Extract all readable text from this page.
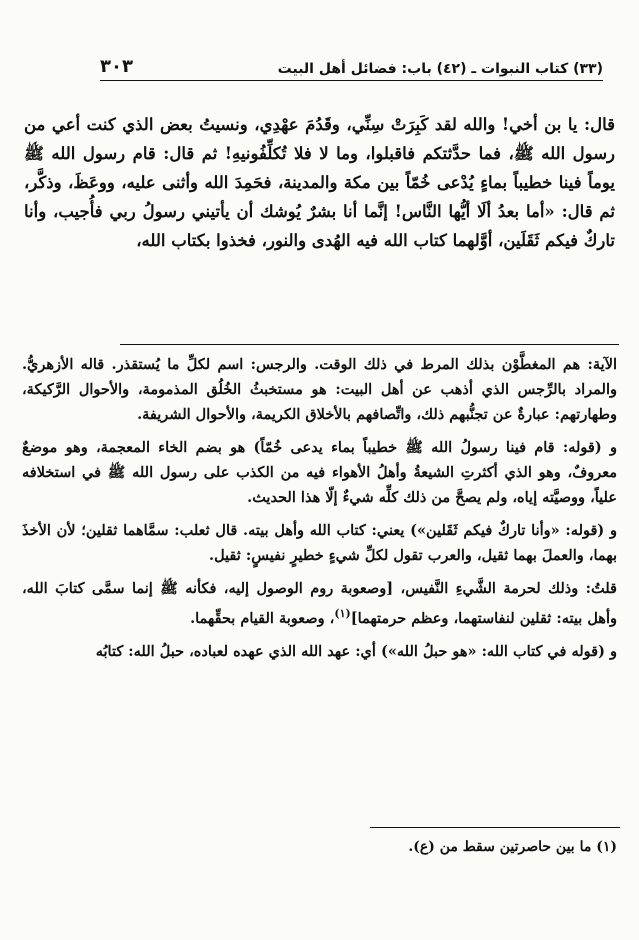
٣٠٣	(٣٣) كتاب النبوات ـ (٤٢) باب: فضائل أهل البيت
قال: يا بن أخي! والله لقد كَبِرَتْ سِنِّي، وقَدُمَ عهْدِي، ونسيتُ بعض الذي كنت أعي من رسول الله ﷺ، فما حدَّثتكم فاقبلوا، وما لا فلا تُكلِّفُونيهِ! ثم قال: قام رسول الله ﷺ يوماً فينا خطيباً بماءٍ يُدْعى خُمّاً بين مكة والمدينة، فحَمِدَ الله وأثنى عليه، ووعَظَ، وذكَّر، ثم قال: «أما بعدُ ألَا أيُّها النَّاس! إنَّما أنا بشرٌ يُوشك أن يأتيني رسولُ ربي فأُجيب، وأنا تاركٌ فيكم ثَقَلَين، أوَّلهما كتاب الله فيه الهُدى والنور، فخذوا بكتاب الله،

الآية: هم المغطَّوْن بذلك المرط في ذلك الوقت. والرجس: اسم لكلِّ ما يُستقذر. قاله الأزهريُّ. والمراد بالرِّجس الذي أذهب عن أهل البيت: هو مستخبثُ الخُلُق المذمومة، والأحوال الرَّكيكة، وطهارتهم: عبارةٌ عن تجنُّبهم ذلك، واتِّصافهم بالأخلاق الكريمة، والأحوال الشريفة.

و (قوله: قام فينا رسولُ الله ﷺ خطيباً بماء يدعى خُمّاً) هو بضم الخاء المعجمة، وهو موضعٌ معروفٌ، وهو الذي أكثرتِ الشيعةُ وأهلُ الأهواء فيه من الكذب على رسول الله ﷺ في استخلافه علياً، ووصيَّته إياه، ولم يصحَّ من ذلك كلِّه شيءٌ إلّا هذا الحديث.

و (قوله: «وأنا تاركٌ فيكم ثَقَلين») يعني: كتاب الله وأهل بيته. قال ثعلب: سمَّاهما ثقلين؛ لأن الأخذَ بهما، والعملَ بهما ثقيل، والعرب تقول لكلِّ شيءٍ خطيرٍ نفيسٍ: ثقيل.

قلتُ: وذلك لحرمة الشَّيءِ النَّفيس، [وصعوبة روم الوصول إليه، فكأنه ﷺ إنما سمَّى كتابَ الله، وأهل بيته: ثقلين لنفاستهما، وعظم حرمتهما]$^{(١)}$، وصعوبة القيام بحقِّهما.

و (قوله في كتاب الله: «هو حبلُ الله») أي: عهد الله الذي عهده لعباده، حبلُ الله: كتابُه

(١) ما بين حاصرتين سقط من (ع).
